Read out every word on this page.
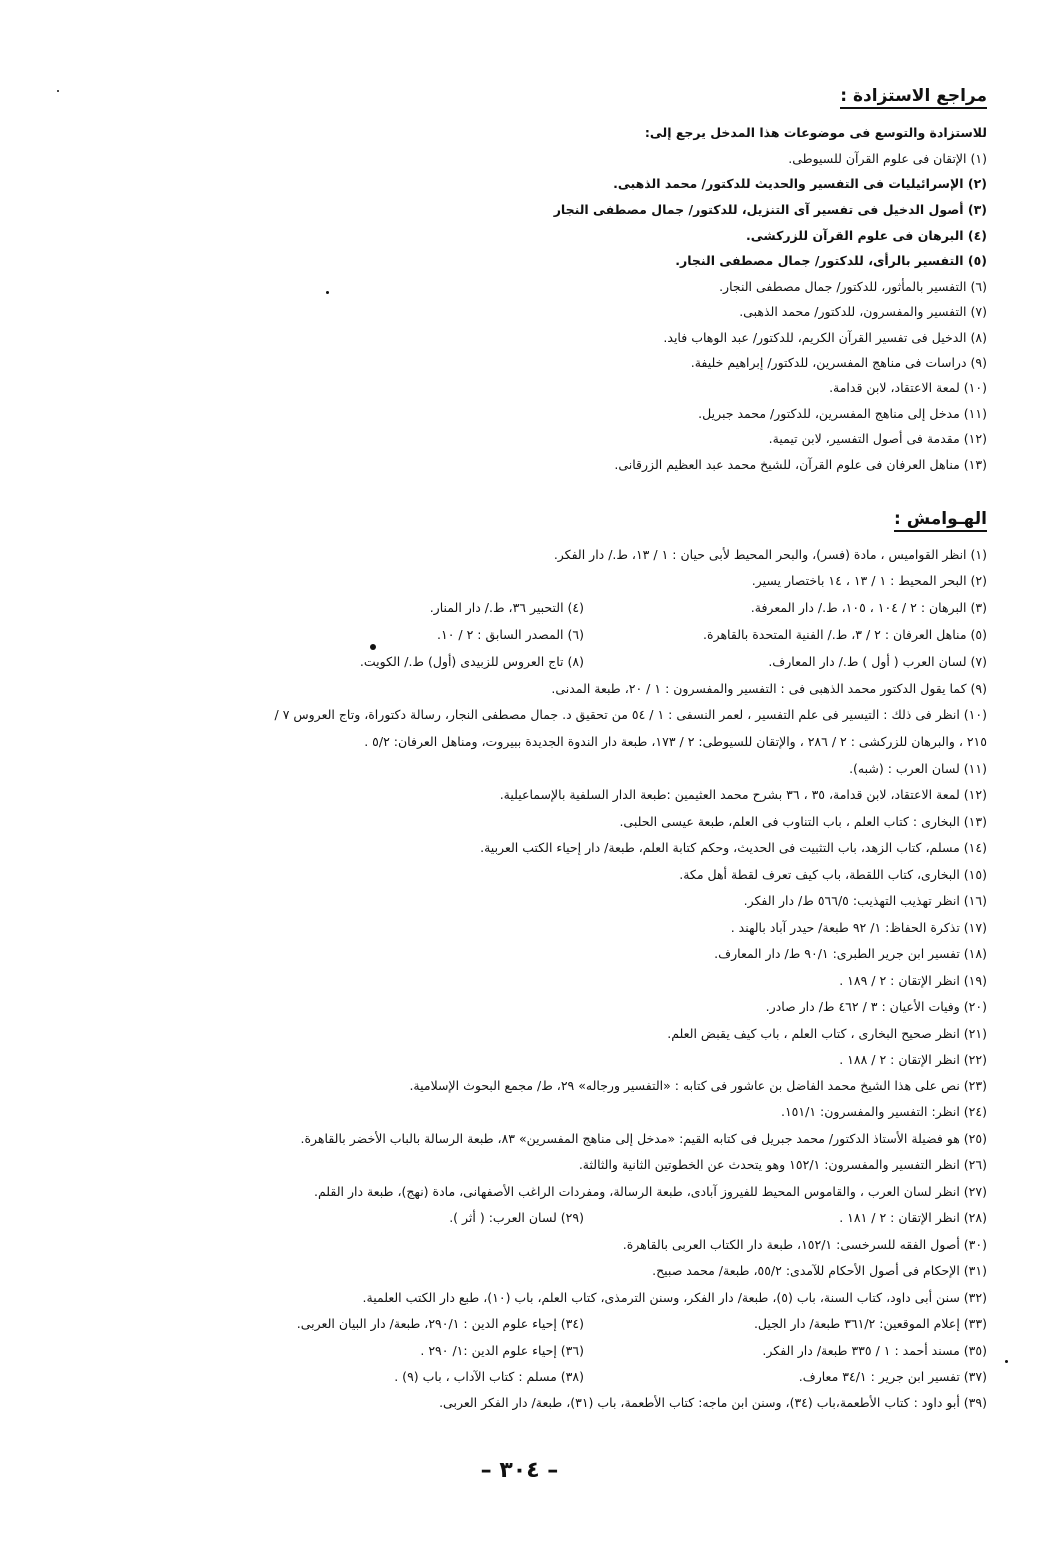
مراجع الاستزادة :
للاستزادة والتوسع فى موضوعات هذا المدخل يرجع إلى:
(١) الإتقان فى علوم القرآن للسيوطى.
(٢) الإسرائيليات فى التفسير والحديث للدكتور/ محمد الذهبى.
(٣) أصول الدخيل فى تفسير آى التنزيل، للدكتور/ جمال مصطفى النجار
(٤) البرهان فى علوم القرآن للزركشى.
(٥) التفسير بالرأى، للدكتور/ جمال مصطفى النجار.
(٦) التفسير بالمأثور، للدكتور/ جمال مصطفى النجار.
(٧) التفسير والمفسرون، للدكتور/ محمد الذهبى.
(٨) الدخيل فى تفسير القرآن الكريم، للدكتور/ عبد الوهاب فايد.
(٩) دراسات فى مناهج المفسرين، للدكتور/ إبراهيم خليفة.
(١٠) لمعة الاعتقاد، لابن قدامة.
(١١) مدخل إلى مناهج المفسرين، للدكتور/ محمد جبريل.
(١٢) مقدمة فى أصول التفسير، لابن تيمية.
(١٣) مناهل العرفان فى علوم القرآن، للشيخ محمد عبد العظيم الزرقانى.
الهـوامش :
(١) انظر القواميس ، مادة (فسر)، والبحر المحيط لأبى حيان : ١ / ١٣، ط./ دار الفكر.
(٢) البحر المحيط : ١ / ١٣ ، ١٤ باختصار يسير.
(٣) البرهان : ٢ / ١٠٤ ، ١٠٥، ط./ دار المعرفة.
(٤) التحبير ٣٦، ط./ دار المنار.
(٥) مناهل العرفان : ٢ / ٣، ط./ الفنية المتحدة بالقاهرة.
(٦) المصدر السابق : ٢ / ١٠.
(٧) لسان العرب ( أول ) ط./ دار المعارف.
(٨) تاج العروس للزبيدى (أول) ط./ الكويت.
(٩) كما يقول الدكتور محمد الذهبى فى : التفسير والمفسرون : ١ / ٢٠، طبعة المدنى.
(١٠) انظر فى ذلك : التيسير فى علم التفسير ، لعمر النسفى : ١ / ٥٤ من تحقيق د. جمال مصطفى النجار، رسالة دكتوراة، وتاج العروس ٧ /
٢١٥ ، والبرهان للزركشى : ٢ / ٢٨٦ ، والإتقان للسيوطى: ٢ / ١٧٣، طبعة دار الندوة الجديدة ببيروت، ومناهل العرفان: ٥/٢ .
(١١) لسان العرب : (شبه).
(١٢) لمعة الاعتقاد، لابن قدامة، ٣٥ ، ٣٦ بشرح محمد العثيمين :طبعة الدار السلفية بالإسماعيلية.
(١٣) البخارى : كتاب العلم ، باب التناوب فى العلم، طبعة عيسى الحلبى.
(١٤) مسلم، كتاب الزهد، باب التثبيت فى الحديث، وحكم كتابة العلم، طبعة/ دار إحياء الكتب العربية.
(١٥) البخارى، كتاب اللقطة، باب كيف تعرف لقطة أهل مكة.
(١٦) انظر تهذيب التهذيب: ٥٦٦/٥ ط/ دار الفكر.
(١٧) تذكرة الحفاظ: ١/ ٩٢ طبعة/ حيدر آباد بالهند .
(١٨) تفسير ابن جرير الطبرى: ٩٠/١ ط/ دار المعارف.
(١٩) انظر الإتقان : ٢ / ١٨٩ .
(٢٠) وفيات الأعيان : ٣ / ٤٦٢ ط/ دار صادر.
(٢١) انظر صحيح البخارى ، كتاب العلم ، باب كيف يقبض العلم.
(٢٢) انظر الإتقان : ٢ / ١٨٨ .
(٢٣) نص على هذا الشيخ محمد الفاضل بن عاشور فى كتابه : «التفسير ورجاله» ٢٩، ط/ مجمع البحوث الإسلامية.
(٢٤) انظر: التفسير والمفسرون: ١٥١/١.
(٢٥) هو فضيلة الأستاذ الدكتور/ محمد جبريل فى كتابه القيم: «مدخل إلى مناهج المفسرين» ٨٣، طبعة الرسالة بالباب الأخضر بالقاهرة.
(٢٦) انظر التفسير والمفسرون: ١٥٢/١ وهو يتحدث عن الخطوتين الثانية والثالثة.
(٢٧) انظر لسان العرب ، والقاموس المحيط للفيروز آبادى، طبعة الرسالة، ومفردات الراغب الأصفهانى، مادة (نهج)، طبعة دار القلم.
(٢٨) انظر الإتقان : ٢ / ١٨١ .
(٢٩) لسان العرب: ( أثر ).
(٣٠) أصول الفقه للسرخسى: ١٥٢/١، طبعة دار الكتاب العربى بالقاهرة.
(٣١) الإحكام فى أصول الأحكام للآمدى: ٥٥/٢، طبعة/ محمد صبيح.
(٣٢) سنن أبى داود، كتاب السنة، باب (٥)، طبعة/ دار الفكر، وسنن الترمذى، كتاب العلم، باب (١٠)، طبع دار الكتب العلمية.
(٣٣) إعلام الموقعين: ٣٦١/٢ طبعة/ دار الجيل.
(٣٤) إحياء علوم الدين : ٢٩٠/١، طبعة/ دار البيان العربى.
(٣٥) مسند أحمد : ١ / ٣٣٥ طبعة/ دار الفكر.
(٣٦) إحياء علوم الدين :١/ ٢٩٠ .
(٣٧) تفسير ابن جرير : ٣٤/١ معارف.
(٣٨) مسلم : كتاب الآداب ، باب (٩) .
(٣٩) أبو داود : كتاب الأطعمة،باب (٣٤)، وسنن ابن ماجه: كتاب الأطعمة، باب (٣١)، طبعة/ دار الفكر العربى.
– ٣٠٤ –
